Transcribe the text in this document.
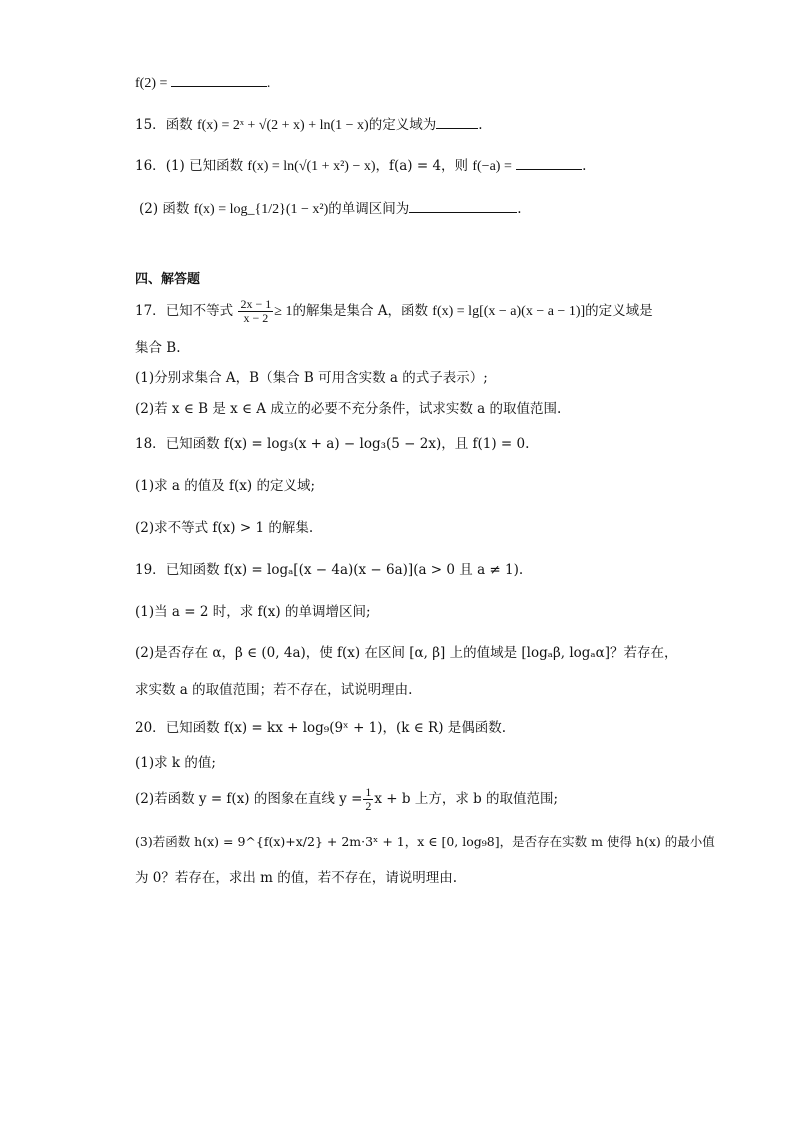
f(2) =	.
15．函数 f(x) = 2ˣ + √(2 + x) + ln(1 − x)的定义域为	.
16．(1) 已知函数 f(x) = ln(√(1 + x²) − x)，f(a) = 4，则 f(−a) =	.
(2) 函数 f(x) = log_{1/2}(1 − x²)的单调区间为	.
四、解答题
17．已知不等式 $\frac{2x - 1}{x - 2} \ge 1$的解集是集合 A，函数 f(x) = lg[(x − a)(x − a − 1)]的定义域是
集合 B.
(1)分别求集合 A，B（集合 B 可用含实数 a 的式子表示）;
(2)若 x ∈ B 是 x ∈ A 成立的必要不充分条件，试求实数 a 的取值范围.
18．已知函数 f(x) = log₃(x + a) − log₃(5 − 2x)，且 f(1) = 0.
(1)求 a 的值及 f(x) 的定义域;
(2)求不等式 f(x) > 1 的解集.
19．已知函数 f(x) = logₐ[(x − 4a)(x − 6a)](a > 0 且 a ≠ 1).
(1)当 a = 2 时，求 f(x) 的单调增区间;
(2)是否存在 α，β ∈ (0, 4a)，使 f(x) 在区间 [α, β] 上的值域是 [logₐβ, logₐα]？若存在，
求实数 a 的取值范围；若不存在，试说明理由.
20．已知函数 f(x) = kx + log₉(9ˣ + 1)，(k ∈ R) 是偶函数.
(1)求 k 的值;
(2)若函数 y = f(x) 的图象在直线 $y = \frac{1}{2}$ x + b 上方，求 b 的取值范围;
(3)若函数 h(x) = 9^{f(x)+x/2} + 2m·3ˣ + 1，x ∈ [0, log₉8]，是否存在实数 m 使得 h(x) 的最小值
为 0？若存在，求出 m 的值，若不存在，请说明理由.
